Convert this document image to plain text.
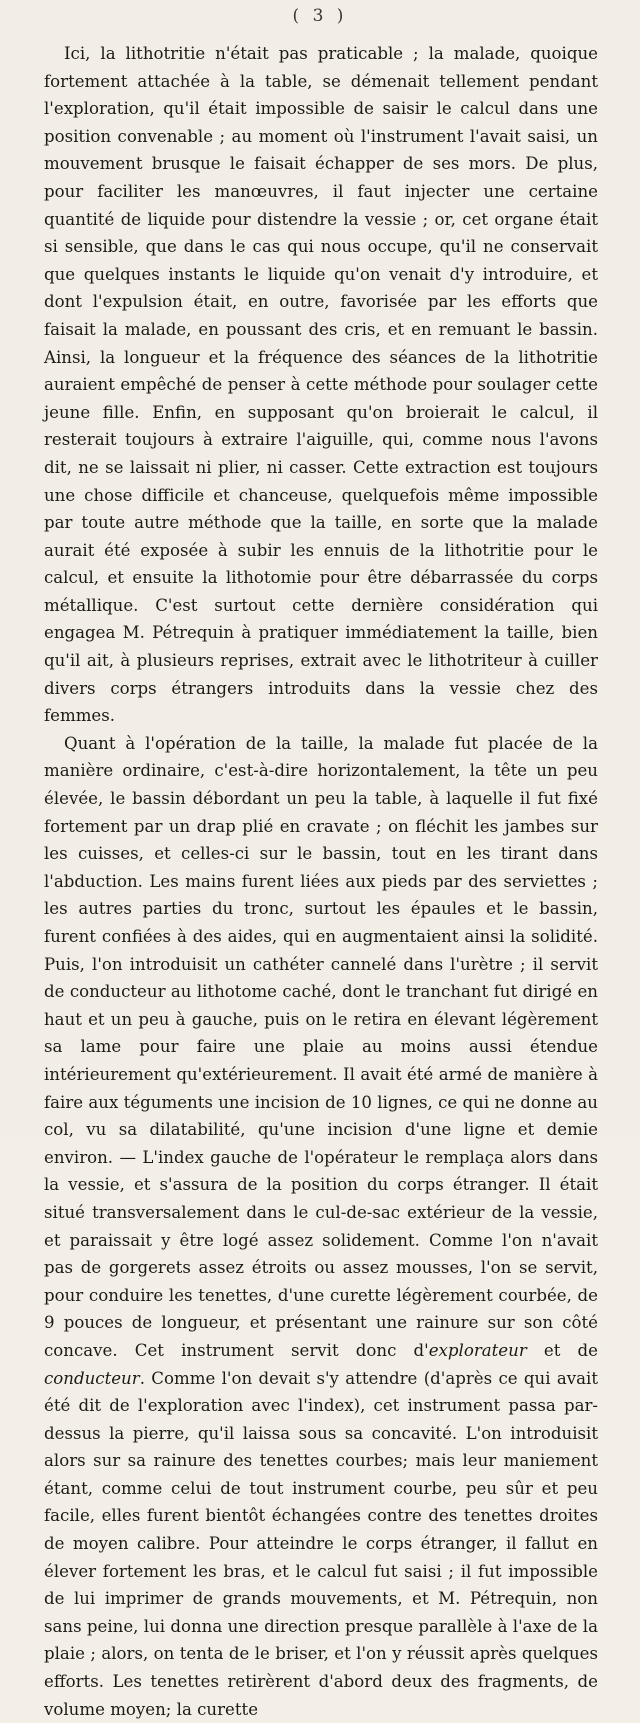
( 3 )

Ici, la lithotritie n'était pas praticable ; la malade, quoique fortement attachée à la table, se démenait tellement pendant l'exploration, qu'il était impossible de saisir le calcul dans une position convenable ; au moment où l'instrument l'avait saisi, un mouvement brusque le faisait échapper de ses mors. De plus, pour faciliter les manœuvres, il faut injecter une certaine quantité de liquide pour distendre la vessie ; or, cet organe était si sensible, que dans le cas qui nous occupe, qu'il ne conservait que quelques instants le liquide qu'on venait d'y introduire, et dont l'expulsion était, en outre, favorisée par les efforts que faisait la malade, en poussant des cris, et en remuant le bassin. Ainsi, la longueur et la fréquence des séances de la lithotritie auraient empêché de penser à cette méthode pour soulager cette jeune fille. Enfin, en supposant qu'on broierait le calcul, il resterait toujours à extraire l'aiguille, qui, comme nous l'avons dit, ne se laissait ni plier, ni casser. Cette extraction est toujours une chose difficile et chanceuse, quelquefois même impossible par toute autre méthode que la taille, en sorte que la malade aurait été exposée à subir les ennuis de la lithotritie pour le calcul, et ensuite la lithotomie pour être débarrassée du corps métallique. C'est surtout cette dernière considération qui engagea M. Pétrequin à pratiquer immédiatement la taille, bien qu'il ait, à plusieurs reprises, extrait avec le lithotriteur à cuiller divers corps étrangers introduits dans la vessie chez des femmes.

Quant à l'opération de la taille, la malade fut placée de la manière ordinaire, c'est-à-dire horizontalement, la tête un peu élevée, le bassin débordant un peu la table, à laquelle il fut fixé fortement par un drap plié en cravate ; on fléchit les jambes sur les cuisses, et celles-ci sur le bassin, tout en les tirant dans l'abduction. Les mains furent liées aux pieds par des serviettes ; les autres parties du tronc, surtout les épaules et le bassin, furent confiées à des aides, qui en augmentaient ainsi la solidité. Puis, l'on introduisit un cathéter cannelé dans l'urètre ; il servit de conducteur au lithotome caché, dont le tranchant fut dirigé en haut et un peu à gauche, puis on le retira en élevant légèrement sa lame pour faire une plaie au moins aussi étendue intérieurement qu'extérieurement. Il avait été armé de manière à faire aux téguments une incision de 10 lignes, ce qui ne donne au col, vu sa dilatabilité, qu'une incision d'une ligne et demie environ. — L'index gauche de l'opérateur le remplaça alors dans la vessie, et s'assura de la position du corps étranger. Il était situé transversalement dans le cul-de-sac extérieur de la vessie, et paraissait y être logé assez solidement. Comme l'on n'avait pas de gorgerets assez étroits ou assez mousses, l'on se servit, pour conduire les tenettes, d'une curette légèrement courbée, de 9 pouces de longueur, et présentant une rainure sur son côté concave. Cet instrument servit donc d'explorateur et de conducteur. Comme l'on devait s'y attendre (d'après ce qui avait été dit de l'exploration avec l'index), cet instrument passa par-dessus la pierre, qu'il laissa sous sa concavité. L'on introduisit alors sur sa rainure des tenettes courbes; mais leur maniement étant, comme celui de tout instrument courbe, peu sûr et peu facile, elles furent bientôt échangées contre des tenettes droites de moyen calibre. Pour atteindre le corps étranger, il fallut en élever fortement les bras, et le calcul fut saisi ; il fut impossible de lui imprimer de grands mouvements, et M. Pétrequin, non sans peine, lui donna une direction presque parallèle à l'axe de la plaie ; alors, on tenta de le briser, et l'on y réussit après quelques efforts. Les tenettes retirèrent d'abord deux des fragments, de volume moyen; la curette
